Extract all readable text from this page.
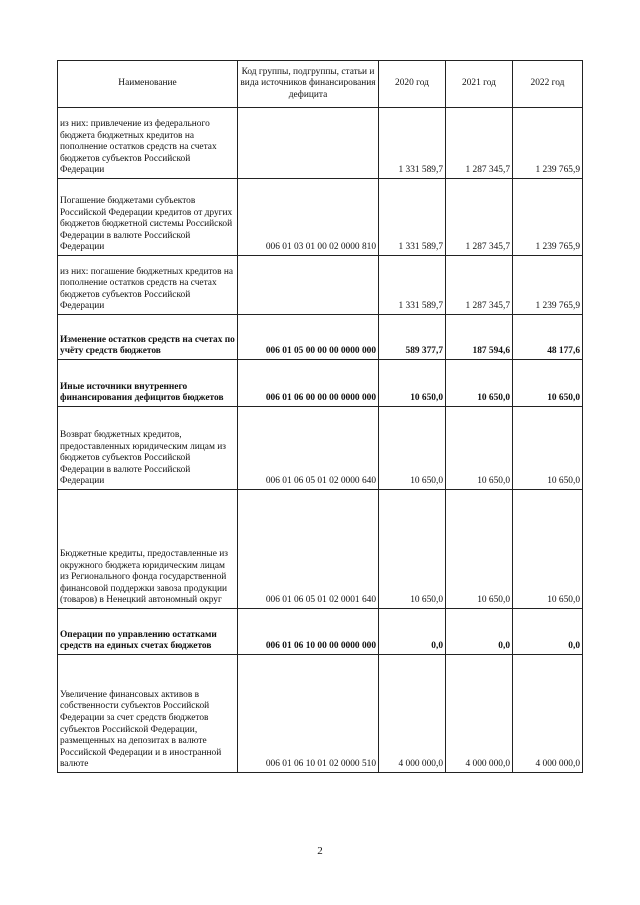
Наименование	Код группы, подгруппы, статьи и вида источников финансирования дефицита	2020 год	2021 год	2022 год
из них: привлечение из федерального бюджета бюджетных кредитов на пополнение остатков средств на счетах бюджетов субъектов Российской Федерации		1 331 589,7	1 287 345,7	1 239 765,9
Погашение бюджетами субъектов Российской Федерации кредитов от других бюджетов бюджетной системы Российской Федерации в валюте Российской Федерации	006 01 03 01 00 02 0000 810	1 331 589,7	1 287 345,7	1 239 765,9
из них: погашение бюджетных кредитов на пополнение остатков средств на счетах бюджетов субъектов Российской Федерации		1 331 589,7	1 287 345,7	1 239 765,9
Изменение остатков средств на счетах по учёту средств бюджетов	006 01 05 00 00 00 0000 000	589 377,7	187 594,6	48 177,6
Иные источники внутреннего финансирования дефицитов бюджетов	006 01 06 00 00 00 0000 000	10 650,0	10 650,0	10 650,0
Возврат бюджетных кредитов, предоставленных юридическим лицам из бюджетов субъектов Российской Федерации в валюте Российской Федерации	006 01 06 05 01 02 0000 640	10 650,0	10 650,0	10 650,0
Бюджетные кредиты, предоставленные из окружного бюджета юридическим лицам из Регионального фонда государственной финансовой поддержки завоза продукции (товаров) в Ненецкий автономный округ	006 01 06 05 01 02 0001 640	10 650,0	10 650,0	10 650,0
Операции по управлению остатками средств на единых счетах бюджетов	006 01 06 10 00 00 0000 000	0,0	0,0	0,0
Увеличение финансовых активов в собственности субъектов Российской Федерации за счет средств бюджетов субъектов Российской Федерации, размещенных на депозитах в валюте Российской Федерации и в иностранной валюте	006 01 06 10 01 02 0000 510	4 000 000,0	4 000 000,0	4 000 000,0
2
